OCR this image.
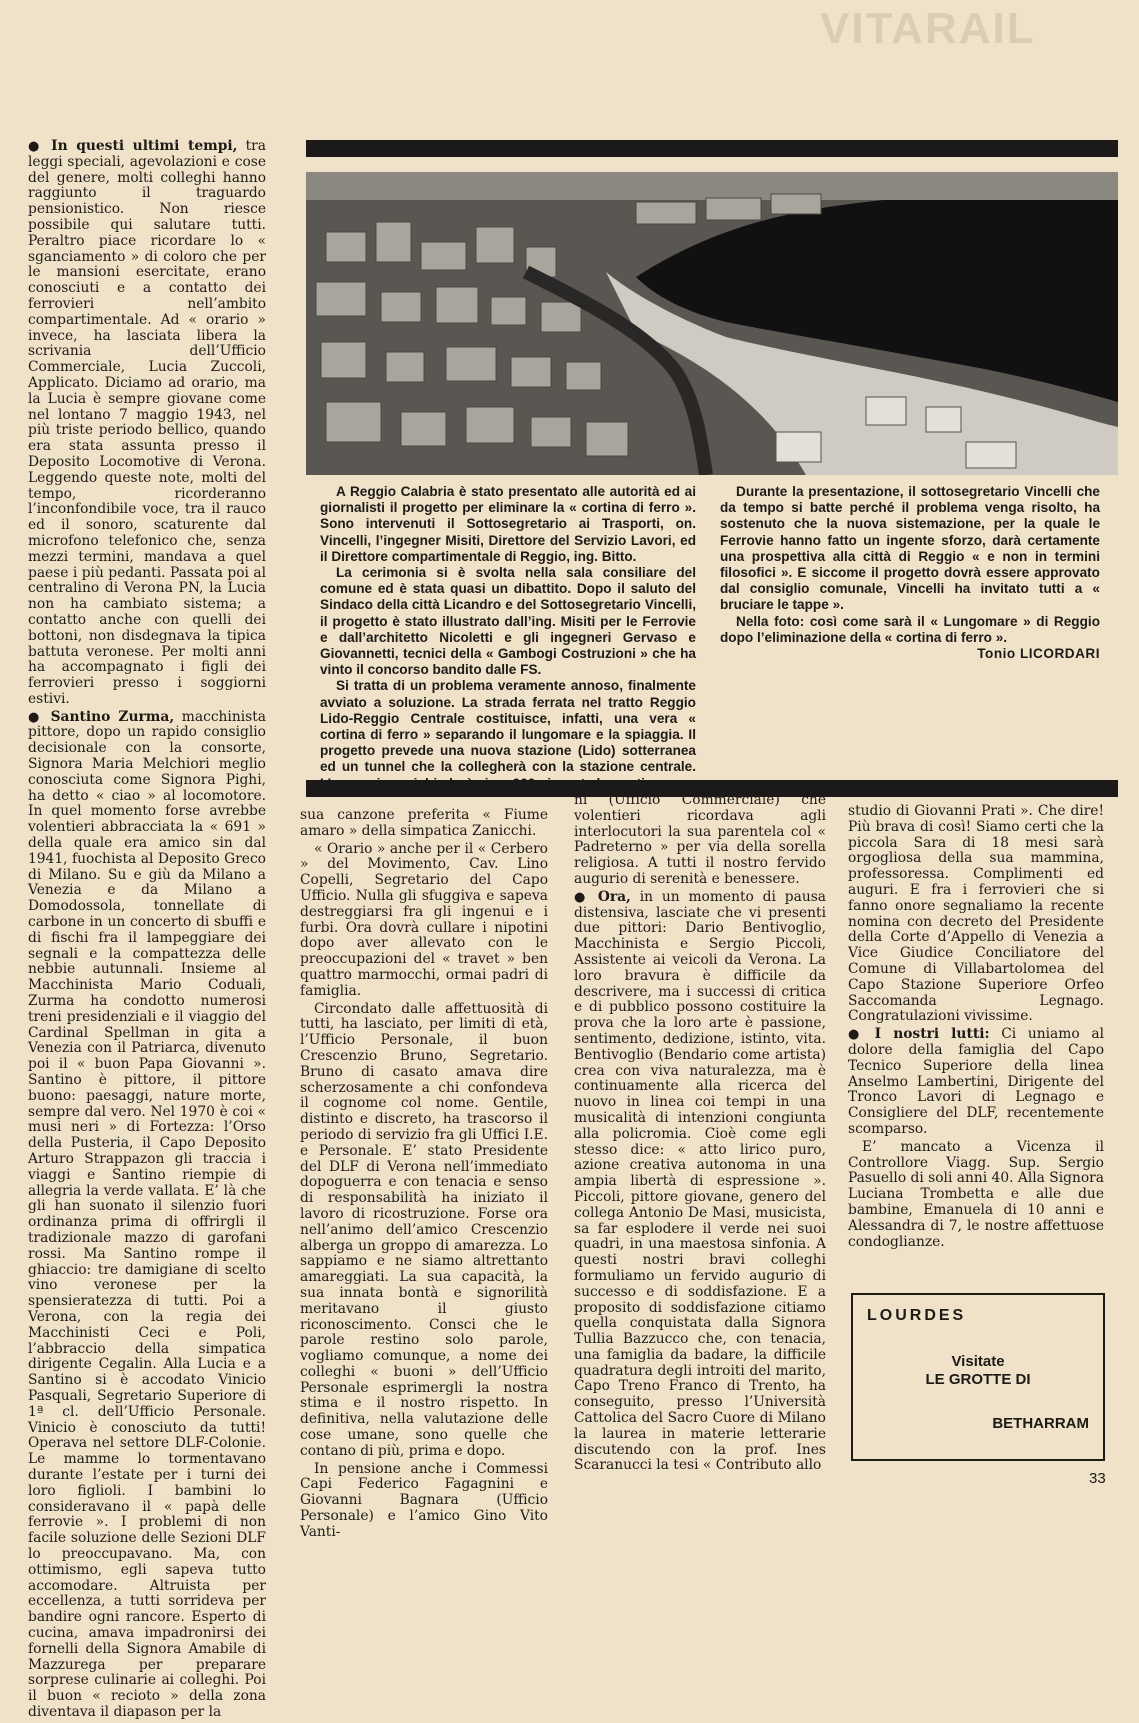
VITARAIL

● In questi ultimi tempi, tra leggi speciali, agevolazioni e cose del genere, molti colleghi hanno raggiunto il traguardo pensionistico. Non riesce possibile qui salutare tutti. Peraltro piace ricordare lo « sganciamento » di coloro che per le mansioni esercitate, erano conosciuti e a contatto dei ferrovieri nell’ambito compartimentale. Ad « orario » invece, ha lasciata libera la scrivania dell’Ufficio Commerciale, Lucia Zuccoli, Applicato. Diciamo ad orario, ma la Lucia è sempre giovane come nel lontano 7 maggio 1943, nel più triste periodo bellico, quando era stata assunta presso il Deposito Locomotive di Verona. Leggendo queste note, molti del tempo, ricorderanno l’inconfondibile voce, tra il rauco ed il sonoro, scaturente dal microfono telefonico che, senza mezzi termini, mandava a quel paese i più pedanti. Passata poi al centralino di Verona PN, la Lucia non ha cambiato sistema; a contatto anche con quelli dei bottoni, non disdegnava la tipica battuta veronese. Per molti anni ha accompagnato i figli dei ferrovieri presso i soggiorni estivi.

● Santino Zurma, macchinista pittore, dopo un rapido consiglio decisionale con la consorte, Signora Maria Melchiori meglio conosciuta come Signora Pighi, ha detto « ciao » al locomotore. In quel momento forse avrebbe volentieri abbracciata la « 691 » della quale era amico sin dal 1941, fuochista al Deposito Greco di Milano. Su e giù da Milano a Venezia e da Milano a Domodossola, tonnellate di carbone in un concerto di sbuffi e di fischi fra il lampeggiare dei segnali e la compattezza delle nebbie autunnali. Insieme al Macchinista Mario Coduali, Zurma ha condotto numerosi treni presidenziali e il viaggio del Cardinal Spellman in gita a Venezia con il Patriarca, divenuto poi il « buon Papa Giovanni ». Santino è pittore, il pittore buono: paesaggi, nature morte, sempre dal vero. Nel 1970 è coi « musi neri » di Fortezza: l’Orso della Pusteria, il Capo Deposito Arturo Strappazon gli traccia i viaggi e Santino riempie di allegria la verde vallata. E’ là che gli han suonato il silenzio fuori ordinanza prima di offrirgli il tradizionale mazzo di garofani rossi. Ma Santino rompe il ghiaccio: tre damigiane di scelto vino veronese per la spensieratezza di tutti. Poi a Verona, con la regia dei Macchinisti Ceci e Poli, l’abbraccio della simpatica dirigente Cegalin. Alla Lucia e a Santino si è accodato Vinicio Pasquali, Segretario Superiore di 1ª cl. dell’Ufficio Personale. Vinicio è conosciuto da tutti! Operava nel settore DLF-Colonie. Le mamme lo tormentavano durante l’estate per i turni dei loro figlioli. I bambini lo consideravano il « papà delle ferrovie ». I problemi di non facile soluzione delle Sezioni DLF lo preoccupavano. Ma, con ottimismo, egli sapeva tutto accomodare. Altruista per eccellenza, a tutti sorrideva per bandire ogni rancore. Esperto di cucina, amava impadronirsi dei fornelli della Signora Amabile di Mazzurega per preparare sorprese culinarie ai colleghi. Poi il buon « recioto » della zona diventava il diapason per la

A Reggio Calabria è stato presentato alle autorità ed ai giornalisti il progetto per eliminare la « cortina di ferro ». Sono intervenuti il Sottosegretario ai Trasporti, on. Vincelli, l’ingegner Misiti, Direttore del Servizio Lavori, ed il Direttore compartimentale di Reggio, ing. Bitto.

La cerimonia si è svolta nella sala consiliare del comune ed è stata quasi un dibattito. Dopo il saluto del Sindaco della città Licandro e del Sottosegretario Vincelli, il progetto è stato illustrato dall’ing. Misiti per le Ferrovie e dall’architetto Nicoletti e gli ingegneri Gervaso e Giovannetti, tecnici della « Gambogi Costruzioni » che ha vinto il concorso bandito dalle FS.

Si tratta di un problema veramente annoso, finalmente avviato a soluzione. La strada ferrata nel tratto Reggio Lido-Reggio Centrale costituisce, infatti, una vera « cortina di ferro » separando il lungomare e la spiaggia. Il progetto prevede una nuova stazione (Lido) sotterranea ed un tunnel che la collegherà con la stazione centrale.

Durante la presentazione, il sottosegretario Vincelli che da tempo si batte perché il problema venga risolto, ha sostenuto che la nuova sistemazione, per la quale le Ferrovie hanno fatto un ingente sforzo, darà certamente una prospettiva alla città di Reggio « e non in termini filosofici ». E siccome il progetto dovrà essere approvato dal consiglio comunale, Vincelli ha invitato tutti a « bruciare le tappe ».

Nella foto: così come sarà il « Lungomare » di Reggio dopo l’eliminazione della « cortina di ferro ».

Tonio LICORDARI

sua canzone preferita « Fiume amaro » della simpatica Zanicchi.

« Orario » anche per il « Cerbero » del Movimento, Cav. Lino Copelli, Segretario del Capo Ufficio. Nulla gli sfuggiva e sapeva destreggiarsi fra gli ingenui e i furbi. Ora dovrà cullare i nipotini dopo aver allevato con le preoccupazioni del « travet » ben quattro marmocchi, ormai padri di famiglia.

Circondato dalle affettuosità di tutti, ha lasciato, per limiti di età, l’Ufficio Personale, il buon Crescenzio Bruno, Segretario. Bruno di casato amava dire scherzosamente a chi confondeva il cognome col nome. Gentile, distinto e discreto, ha trascorso il periodo di servizio fra gli Uffici I.E. e Personale. E’ stato Presidente del DLF di Verona nell’immediato dopoguerra e con tenacia e senso di responsabilità ha iniziato il lavoro di ricostruzione. Forse ora nell’animo dell’amico Crescenzio alberga un groppo di amarezza. Lo sappiamo e ne siamo altrettanto amareggiati. La sua capacità, la sua innata bontà e signorilità meritavano il giusto riconoscimento. Consci che le parole restino solo parole, vogliamo comunque, a nome dei colleghi « buoni » dell’Ufficio Personale esprimergli la nostra stima e il nostro rispetto. In definitiva, nella valutazione delle cose umane, sono quelle che contano di più, prima e dopo.

In pensione anche i Commessi Capi Federico Fagagnini e Giovanni Bagnara (Ufficio Personale) e l’amico Gino Vito Vanti-

ni (Ufficio Commerciale) che volentieri ricordava agli interlocutori la sua parentela col « Padreterno » per via della sorella religiosa. A tutti il nostro fervido augurio di serenità e benessere.

● Ora, in un momento di pausa distensiva, lasciate che vi presenti due pittori: Dario Bentivoglio, Macchinista e Sergio Piccoli, Assistente ai veicoli da Verona. La loro bravura è difficile da descrivere, ma i successi di critica e di pubblico possono costituire la prova che la loro arte è passione, sentimento, dedizione, istinto, vita. Bentivoglio (Bendario come artista) crea con viva naturalezza, ma è continuamente alla ricerca del nuovo in linea coi tempi in una musicalità di intenzioni congiunta alla policromia. Cioè come egli stesso dice: « atto lirico puro, azione creativa autonoma in una ampia libertà di espressione ». Piccoli, pittore giovane, genero del collega Antonio De Masi, musicista, sa far esplodere il verde nei suoi quadri, in una maestosa sinfonia. A questi nostri bravi colleghi formuliamo un fervido augurio di successo e di soddisfazione. E a proposito di soddisfazione citiamo quella conquistata dalla Signora Tullia Bazzucco che, con tenacia, una famiglia da badare, la difficile quadratura degli introiti del marito, Capo Treno Franco di Trento, ha conseguito, presso l’Università Cattolica del Sacro Cuore di Milano la laurea in materie letterarie discutendo con la prof. Ines Scaranucci la tesi « Contributo allo

studio di Giovanni Prati ». Che dire! Più brava di così! Siamo certi che la piccola Sara di 18 mesi sarà orgogliosa della sua mammina, professoressa. Complimenti ed auguri. E fra i ferrovieri che si fanno onore segnaliamo la recente nomina con decreto del Presidente della Corte d’Appello di Venezia a Vice Giudice Conciliatore del Comune di Villabartolomea del Capo Stazione Superiore Orfeo Saccomanda Legnago. Congratulazioni vivissime.

● I nostri lutti: Ci uniamo al dolore della famiglia del Capo Tecnico Superiore della linea Anselmo Lambertini, Dirigente del Tronco Lavori di Legnago e Consigliere del DLF, recentemente scomparso.

E’ mancato a Vicenza il Controllore Viagg. Sup. Sergio Pasuello di soli anni 40. Alla Signora Luciana Trombetta e alle due bambine, Emanuela di 10 anni e Alessandra di 7, le nostre affettuose condoglianze.

LOURDES
Visitate
LE GROTTE DI
BETHARRAM
33
